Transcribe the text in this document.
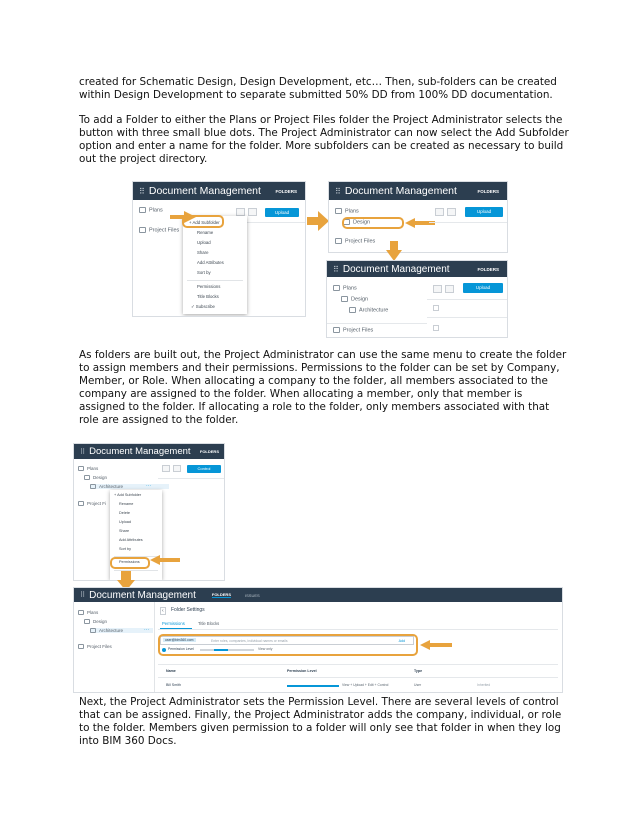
created for Schematic Design, Design Development, etc… Then, sub-folders can be created within Design Development to separate submitted 50% DD from 100% DD documentation.

To add a Folder to either the Plans or Project Files folder the Project Administrator selects the button with three small blue dots. The Project Administrator can now select the Add Subfolder option and enter a name for the folder. More subfolders can be created as necessary to build out the project directory.

As folders are built out, the Project Administrator can use the same menu to create the folder to assign members and their permissions. Permissions to the folder can be set by Company, Member, or Role. When allocating a company to the folder, all members associated to the company are assigned to the folder. When allocating a member, only that member is assigned to the folder. If allocating a role to the folder, only members associated with that role are assigned to the folder.

Next, the Project Administrator sets the Permission Level. There are several levels of control that can be assigned. Finally, the Project Administrator adds the company, individual, or role to the folder. Members given permission to a folder will only see that folder in when they log into BIM 360 Docs.

⠿ Document Management	FOLDERS
Plans
Project Files
Upload
+ Add Subfolder
Rename
Upload
Share
Add Attributes
Sort by
Permissions
Title Blocks
✓ Subscribe
⠿ Document Management	FOLDERS
Plans
Design
Project Files
Upload
⠿ Document Management	FOLDERS
Plans
Design
Architecture
Project Files
Upload
⠿ Document Management FOLDERS
Plans
Design
Architecture	···
Project Fi
Control
+ Add Subfolder
Rename
Delete
Upload
Share
Add Attributes
Sort by
Permissions
⠿ Document Management	FOLDERS	ISSUES
Plans
Design
Architecture	···
Project Files
‹	Folder Settings
Permissions	Title Blocks
user@bim360.com	Enter roles, companies, individual names or emails	Add
Permission Level	View only
Name	Permission Level	Type
Bill Smith	View + Upload + Edit + Control	User	Inherited
